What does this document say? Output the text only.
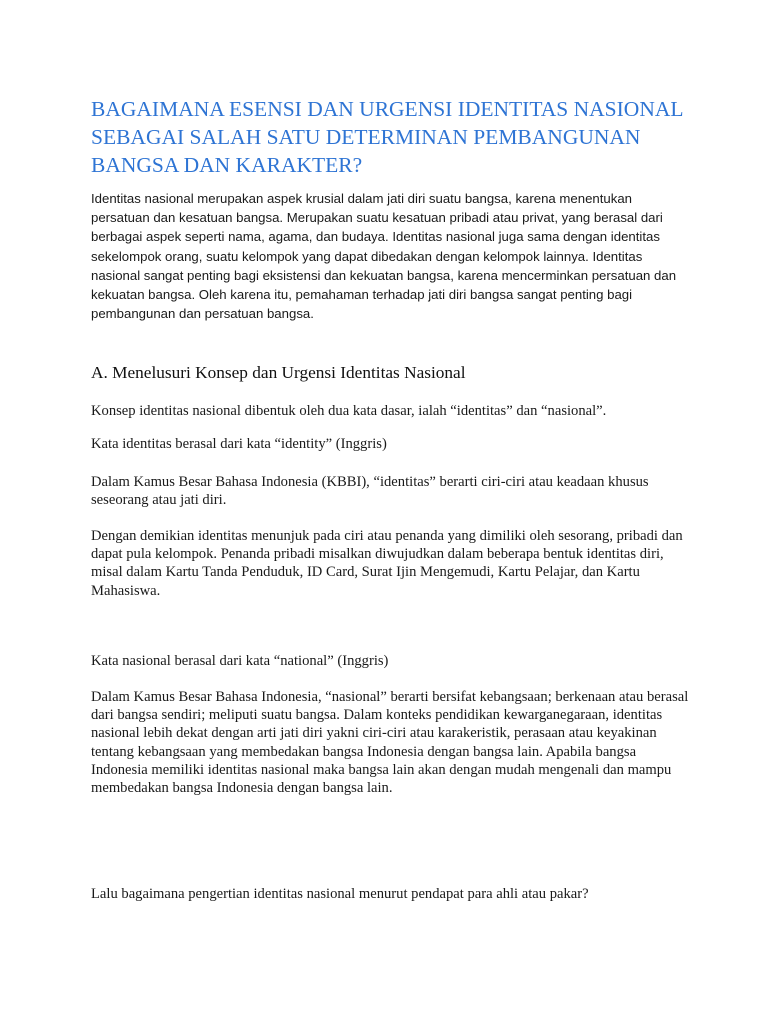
BAGAIMANA ESENSI DAN URGENSI IDENTITAS NASIONAL SEBAGAI SALAH SATU DETERMINAN PEMBANGUNAN BANGSA DAN KARAKTER?

Identitas nasional merupakan aspek krusial dalam jati diri suatu bangsa, karena menentukan persatuan dan kesatuan bangsa. Merupakan suatu kesatuan pribadi atau privat, yang berasal dari berbagai aspek seperti nama, agama, dan budaya. Identitas nasional juga sama dengan identitas sekelompok orang, suatu kelompok yang dapat dibedakan dengan kelompok lainnya. Identitas nasional sangat penting bagi eksistensi dan kekuatan bangsa, karena mencerminkan persatuan dan kekuatan bangsa. Oleh karena itu, pemahaman terhadap jati diri bangsa sangat penting bagi pembangunan dan persatuan bangsa.

A. Menelusuri Konsep dan Urgensi Identitas Nasional

Konsep identitas nasional dibentuk oleh dua kata dasar, ialah “identitas” dan “nasional”.

Kata identitas berasal dari kata “identity” (Inggris)

Dalam Kamus Besar Bahasa Indonesia (KBBI), “identitas” berarti ciri-ciri atau keadaan khusus seseorang atau jati diri.

Dengan demikian identitas menunjuk pada ciri atau penanda yang dimiliki oleh sesorang, pribadi dan dapat pula kelompok. Penanda pribadi misalkan diwujudkan dalam beberapa bentuk identitas diri, misal dalam Kartu Tanda Penduduk, ID Card, Surat Ijin Mengemudi, Kartu Pelajar, dan Kartu Mahasiswa.

Kata nasional berasal dari kata “national” (Inggris)

Dalam Kamus Besar Bahasa Indonesia, “nasional” berarti bersifat kebangsaan; berkenaan atau berasal dari bangsa sendiri; meliputi suatu bangsa. Dalam konteks pendidikan kewarganegaraan, identitas nasional lebih dekat dengan arti jati diri yakni ciri-ciri atau karakeristik, perasaan atau keyakinan tentang kebangsaan yang membedakan bangsa Indonesia dengan bangsa lain. Apabila bangsa Indonesia memiliki identitas nasional maka bangsa lain akan dengan mudah mengenali dan mampu membedakan bangsa Indonesia dengan bangsa lain.

Lalu bagaimana pengertian identitas nasional menurut pendapat para ahli atau pakar?
